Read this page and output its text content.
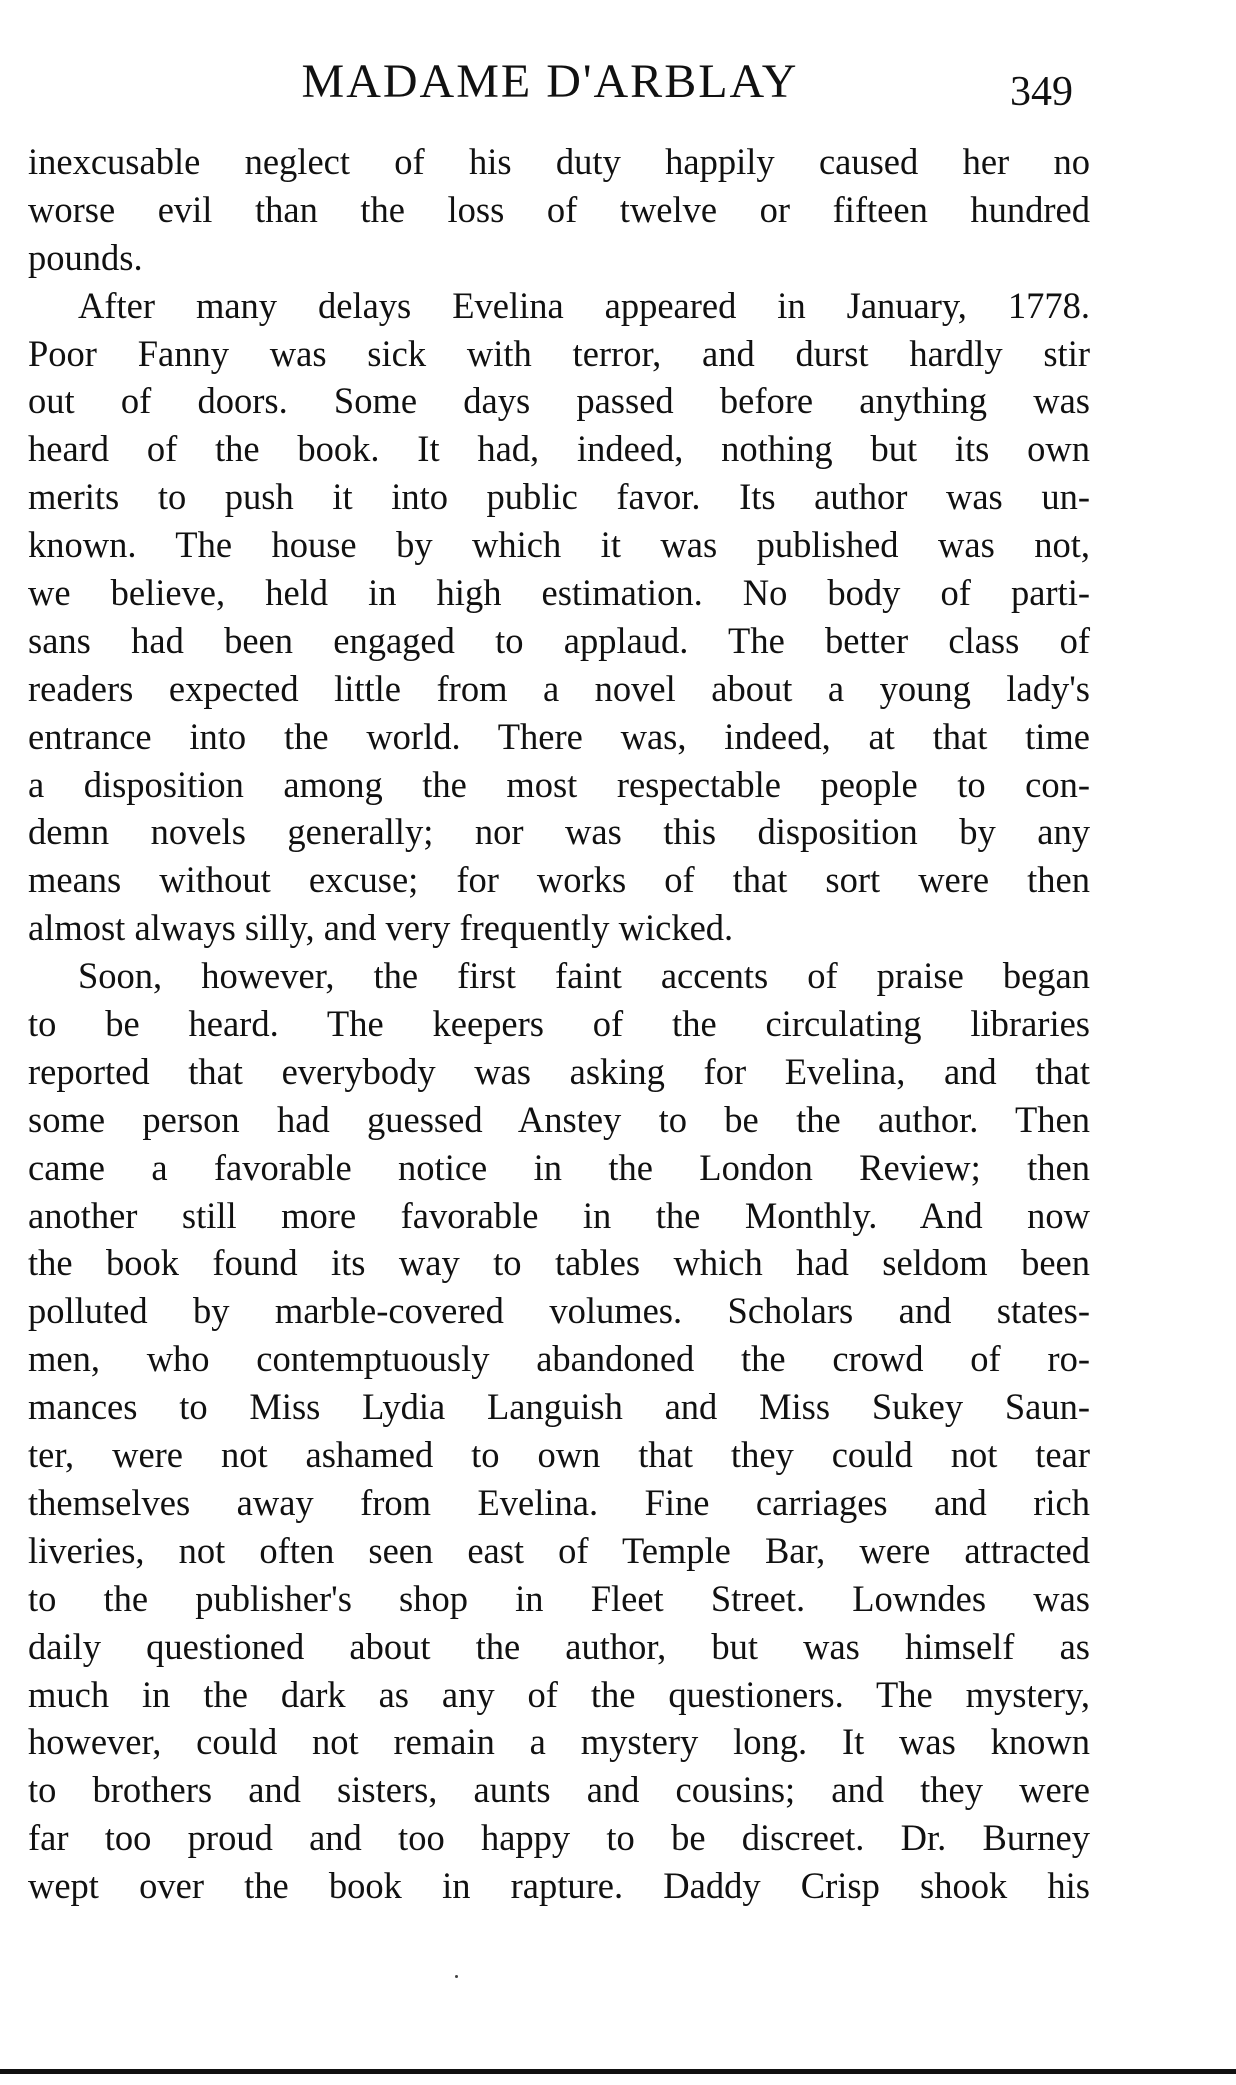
MADAME D'ARBLAY	349
inexcusable neglect of his duty happily caused her no
worse evil than the loss of twelve or fifteen hundred
pounds.
After many delays Evelina appeared in January, 1778.
Poor Fanny was sick with terror, and durst hardly stir
out of doors. Some days passed before anything was
heard of the book. It had, indeed, nothing but its own
merits to push it into public favor. Its author was un-
known. The house by which it was published was not,
we believe, held in high estimation. No body of parti-
sans had been engaged to applaud. The better class of
readers expected little from a novel about a young lady's
entrance into the world. There was, indeed, at that time
a disposition among the most respectable people to con-
demn novels generally; nor was this disposition by any
means without excuse; for works of that sort were then
almost always silly, and very frequently wicked.
Soon, however, the first faint accents of praise began
to be heard. The keepers of the circulating libraries
reported that everybody was asking for Evelina, and that
some person had guessed Anstey to be the author. Then
came a favorable notice in the London Review; then
another still more favorable in the Monthly. And now
the book found its way to tables which had seldom been
polluted by marble-covered volumes. Scholars and states-
men, who contemptuously abandoned the crowd of ro-
mances to Miss Lydia Languish and Miss Sukey Saun-
ter, were not ashamed to own that they could not tear
themselves away from Evelina. Fine carriages and rich
liveries, not often seen east of Temple Bar, were attracted
to the publisher's shop in Fleet Street. Lowndes was
daily questioned about the author, but was himself as
much in the dark as any of the questioners. The mystery,
however, could not remain a mystery long. It was known
to brothers and sisters, aunts and cousins; and they were
far too proud and too happy to be discreet. Dr. Burney
wept over the book in rapture. Daddy Crisp shook his
